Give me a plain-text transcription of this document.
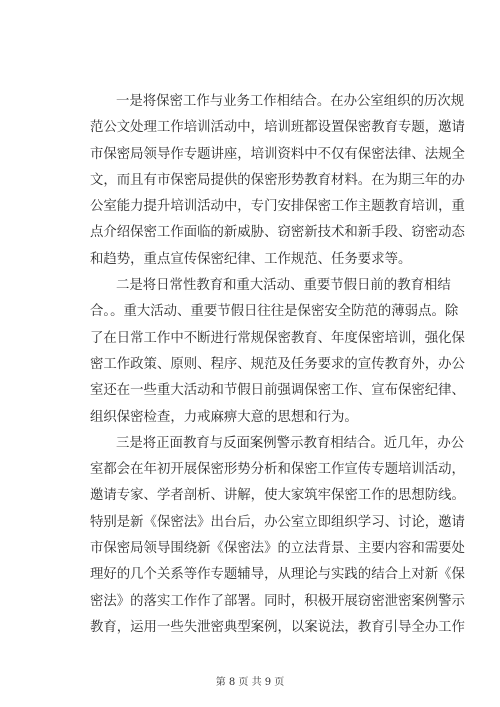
一是将保密工作与业务工作相结合。在办公室组织的历次规
范公文处理工作培训活动中，培训班都设置保密教育专题，邀请
市保密局领导作专题讲座，培训资料中不仅有保密法律、法规全
文，而且有市保密局提供的保密形势教育材料。在为期三年的办
公室能力提升培训活动中，专门安排保密工作主题教育培训，重
点介绍保密工作面临的新威胁、窃密新技术和新手段、窃密动态
和趋势，重点宣传保密纪律、工作规范、任务要求等。
二是将日常性教育和重大活动、重要节假日前的教育相结
合。。重大活动、重要节假日往往是保密安全防范的薄弱点。除
了在日常工作中不断进行常规保密教育、年度保密培训，强化保
密工作政策、原则、程序、规范及任务要求的宣传教育外，办公
室还在一些重大活动和节假日前强调保密工作、宣布保密纪律、
组织保密检查，力戒麻痹大意的思想和行为。
三是将正面教育与反面案例警示教育相结合。近几年，办公
室都会在年初开展保密形势分析和保密工作宣传专题培训活动，
邀请专家、学者剖析、讲解，使大家筑牢保密工作的思想防线。
特别是新《保密法》出台后，办公室立即组织学习、讨论，邀请
市保密局领导围绕新《保密法》的立法背景、主要内容和需要处
理好的几个关系等作专题辅导，从理论与实践的结合上对新《保
密法》的落实工作作了部署。同时，积极开展窃密泄密案例警示
教育，运用一些失泄密典型案例，以案说法，教育引导全办工作
第 8 页 共 9 页
